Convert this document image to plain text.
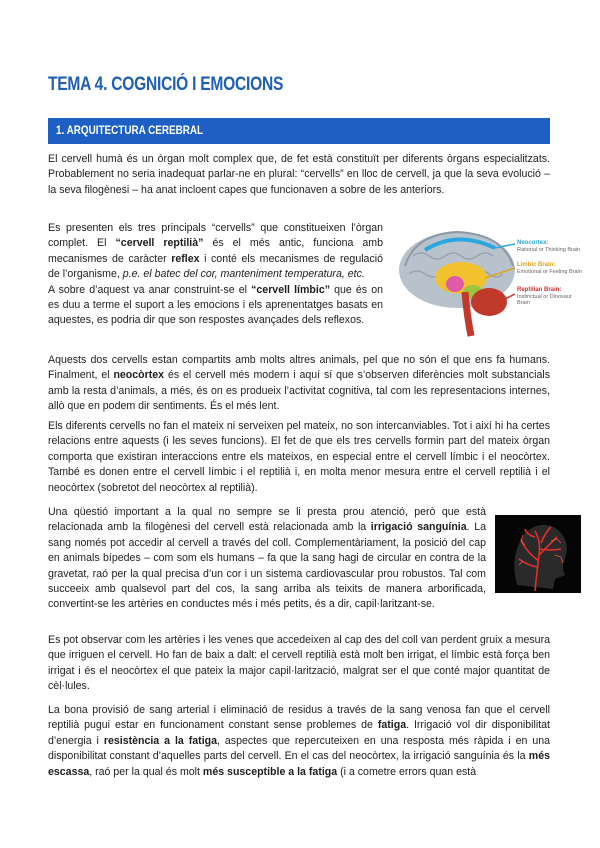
TEMA 4. COGNICIÓ I EMOCIONS
1. ARQUITECTURA CEREBRAL
El cervell humà és un òrgan molt complex que, de fet està constituït per diferents òrgans especialitzats. Probablement no seria inadequat parlar-ne en plural: “cervells” en lloc de cervell, ja que la seva evolució – la seva filogènesi – ha anat incloent capes que funcionaven a sobre de les anteriors.
Es presenten els tres principals “cervells” que constitueixen l’òrgan complet. El “cervell reptilià” és el més antic, funciona amb mecanismes de caràcter reflex i conté els mecanismes de regulació de l’organisme, p.e. el batec del cor, manteniment temperatura, etc.
A sobre d’aquest va anar construint-se el “cervell límbic” que és on es duu a terme el suport a les emocions i els aprenentatges basats en aquestes, es podria dir que son respostes avançades dels reflexos.
Aquests dos cervells estan compartits amb molts altres animals, pel que no són el que ens fa humans. Finalment, el neocòrtex és el cervell més modern i aquí sí que s’observen diferències molt substancials amb la resta d’animals, a més, és on es produeix l’activitat cognitiva, tal com les representacions internes, allò que en podem dir sentiments. És el més lent.
Neocortex:
Rational or Thinking Brain
Limbic Brain:
Emotional or Feeling Brain
Reptilian Brain:
Instinctual or Dinosaur
Brain
Els diferents cervells no fan el mateix ni serveixen pel mateix, no son intercanviables. Tot i així hi ha certes relacions entre aquests (i les seves funcions). El fet de que els tres cervells formin part del mateix òrgan comporta que existiran interaccions entre els mateixos, en especial entre el cervell límbic i el neocòrtex. També es donen entre el cervell límbic i el reptilià i, en molta menor mesura entre el cervell reptilià i el neocòrtex (sobretot del neocòrtex al reptilià).
Una qüestió important a la qual no sempre se li presta prou atenció, però que està relacionada amb la filogènesi del cervell està relacionada amb la irrigació sanguínia. La sang només pot accedir al cervell a través del coll. Complementàriament, la posició del cap en animals bípedes – com som els humans – fa que la sang hagi de circular en contra de la gravetat, raó per la qual precisa d’un cor i un sistema cardiovascular prou robustos. Tal com succeeix amb qualsevol part del cos, la sang arriba als teixits de manera arborificada, convertint-se les artèries en conductes més i més petits, és a dir, capil·laritzant-se.
Es pot observar com les artèries i les venes que accedeixen al cap des del coll van perdent gruix a mesura que irriguen el cervell. Ho fan de baix a dalt: el cervell reptilià està molt ben irrigat, el límbic està força ben irrigat i és el neocòrtex el que pateix la major capil·larització, malgrat ser el que conté major quantitat de cèl·lules.
La bona provisió de sang arterial i eliminació de residus a través de la sang venosa fan que el cervell reptilià pugui estar en funcionament constant sense problemes de fatiga. Irrigació vol dir disponibilitat d’energia i resistència a la fatiga, aspectes que repercuteixen en una resposta més ràpida i en una disponibilitat constant d’aquelles parts del cervell. En el cas del neocòrtex, la irrigació sanguínia és la més escassa, raó per la qual és molt més susceptible a la fatiga (i a cometre errors quan està
